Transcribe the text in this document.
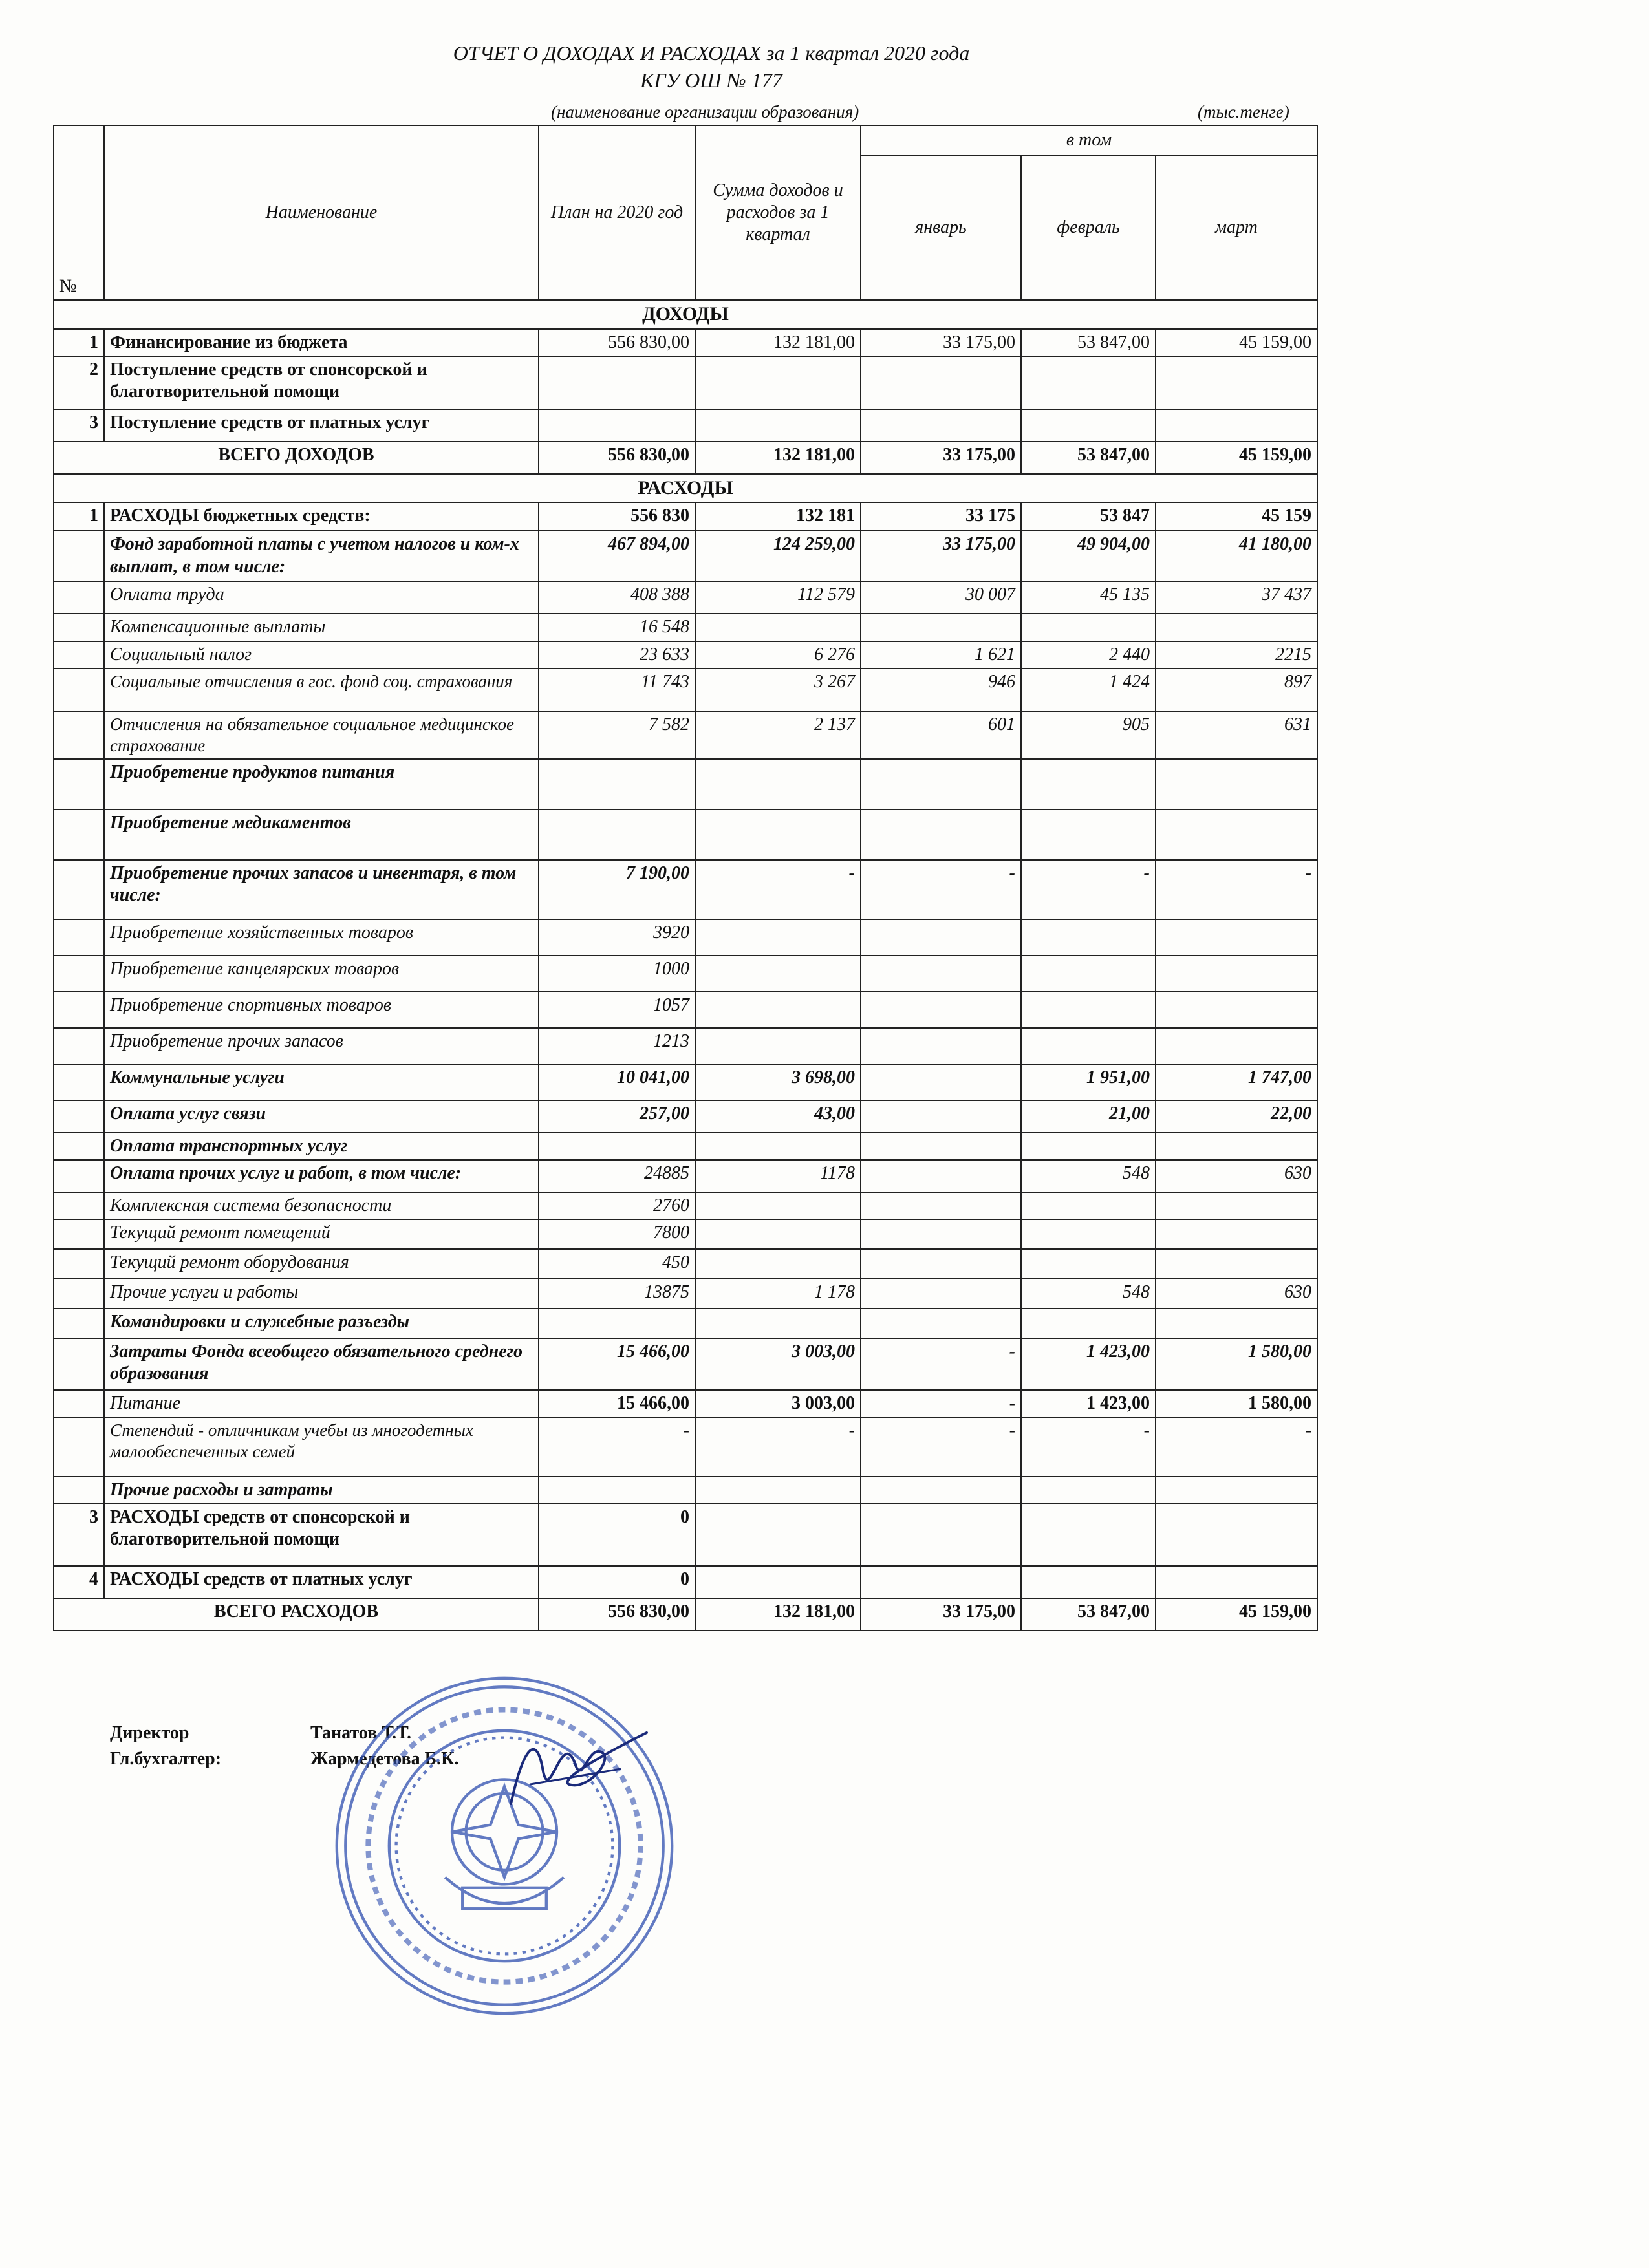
ОТЧЕТ О ДОХОДАХ И РАСХОДАХ за 1 квартал 2020 года
КГУ ОШ № 177
(наименование организации образования)	(тыс.тенге)
№	Наименование	План на 2020 год	Сумма доходов и расходов за 1 квартал	в том		
				январь	февраль	март
ДОХОДЫ						
1	Финансирование из бюджета	556 830,00	132 181,00	33 175,00	53 847,00	45 159,00
2	Поступление средств от спонсорской и благотворительной помощи					
3	Поступление средств от платных услуг					
ВСЕГО ДОХОДОВ		556 830,00	132 181,00	33 175,00	53 847,00	45 159,00
РАСХОДЫ						
1	РАСХОДЫ бюджетных средств:	556 830	132 181	33 175	53 847	45 159
	Фонд заработной платы с учетом налогов и ком-х выплат, в том числе:	467 894,00	124 259,00	33 175,00	49 904,00	41 180,00
	Оплата труда	408 388	112 579	30 007	45 135	37 437
	Компенсационные выплаты	16 548				
	Социальный налог	23 633	6 276	1 621	2 440	2215
	Социальные отчисления в гос. фонд соц. страхования	11 743	3 267	946	1 424	897
	Отчисления на обязательное социальное медицинское страхование	7 582	2 137	601	905	631
	Приобретение продуктов питания					
	Приобретение медикаментов					
	Приобретение прочих запасов и инвентаря, в том числе:	7 190,00	-	-	-	-
	Приобретение хозяйственных товаров	3920				
	Приобретение канцелярских товаров	1000				
	Приобретение спортивных товаров	1057				
	Приобретение прочих запасов	1213				
	Коммунальные услуги	10 041,00	3 698,00		1 951,00	1 747,00
	Оплата услуг связи	257,00	43,00		21,00	22,00
	Оплата транспортных услуг					
	Оплата прочих услуг и работ, в том числе:	24885	1178		548	630
	Комплексная система безопасности	2760				
	Текущий ремонт помещений	7800				
	Текущий ремонт оборудования	450				
	Прочие услуги и работы	13875	1 178		548	630
	Командировки и служебные разъезды					
	Затраты Фонда всеобщего обязательного среднего образования	15 466,00	3 003,00	-	1 423,00	1 580,00
	Питание	15 466,00	3 003,00	-	1 423,00	1 580,00
	Степендий - отличникам учебы из многодетных малообеспеченных семей	-	-	-	-	-
	Прочие расходы и затраты					
3	РАСХОДЫ средств от спонсорской и благотворительной помощи	0				
4	РАСХОДЫ средств от платных услуг	0				
ВСЕГО РАСХОДОВ		556 830,00	132 181,00	33 175,00	53 847,00	45 159,00
Директор	Танатов Т.Т.
Гл.бухгалтер:	Жармедетова Б.К.
